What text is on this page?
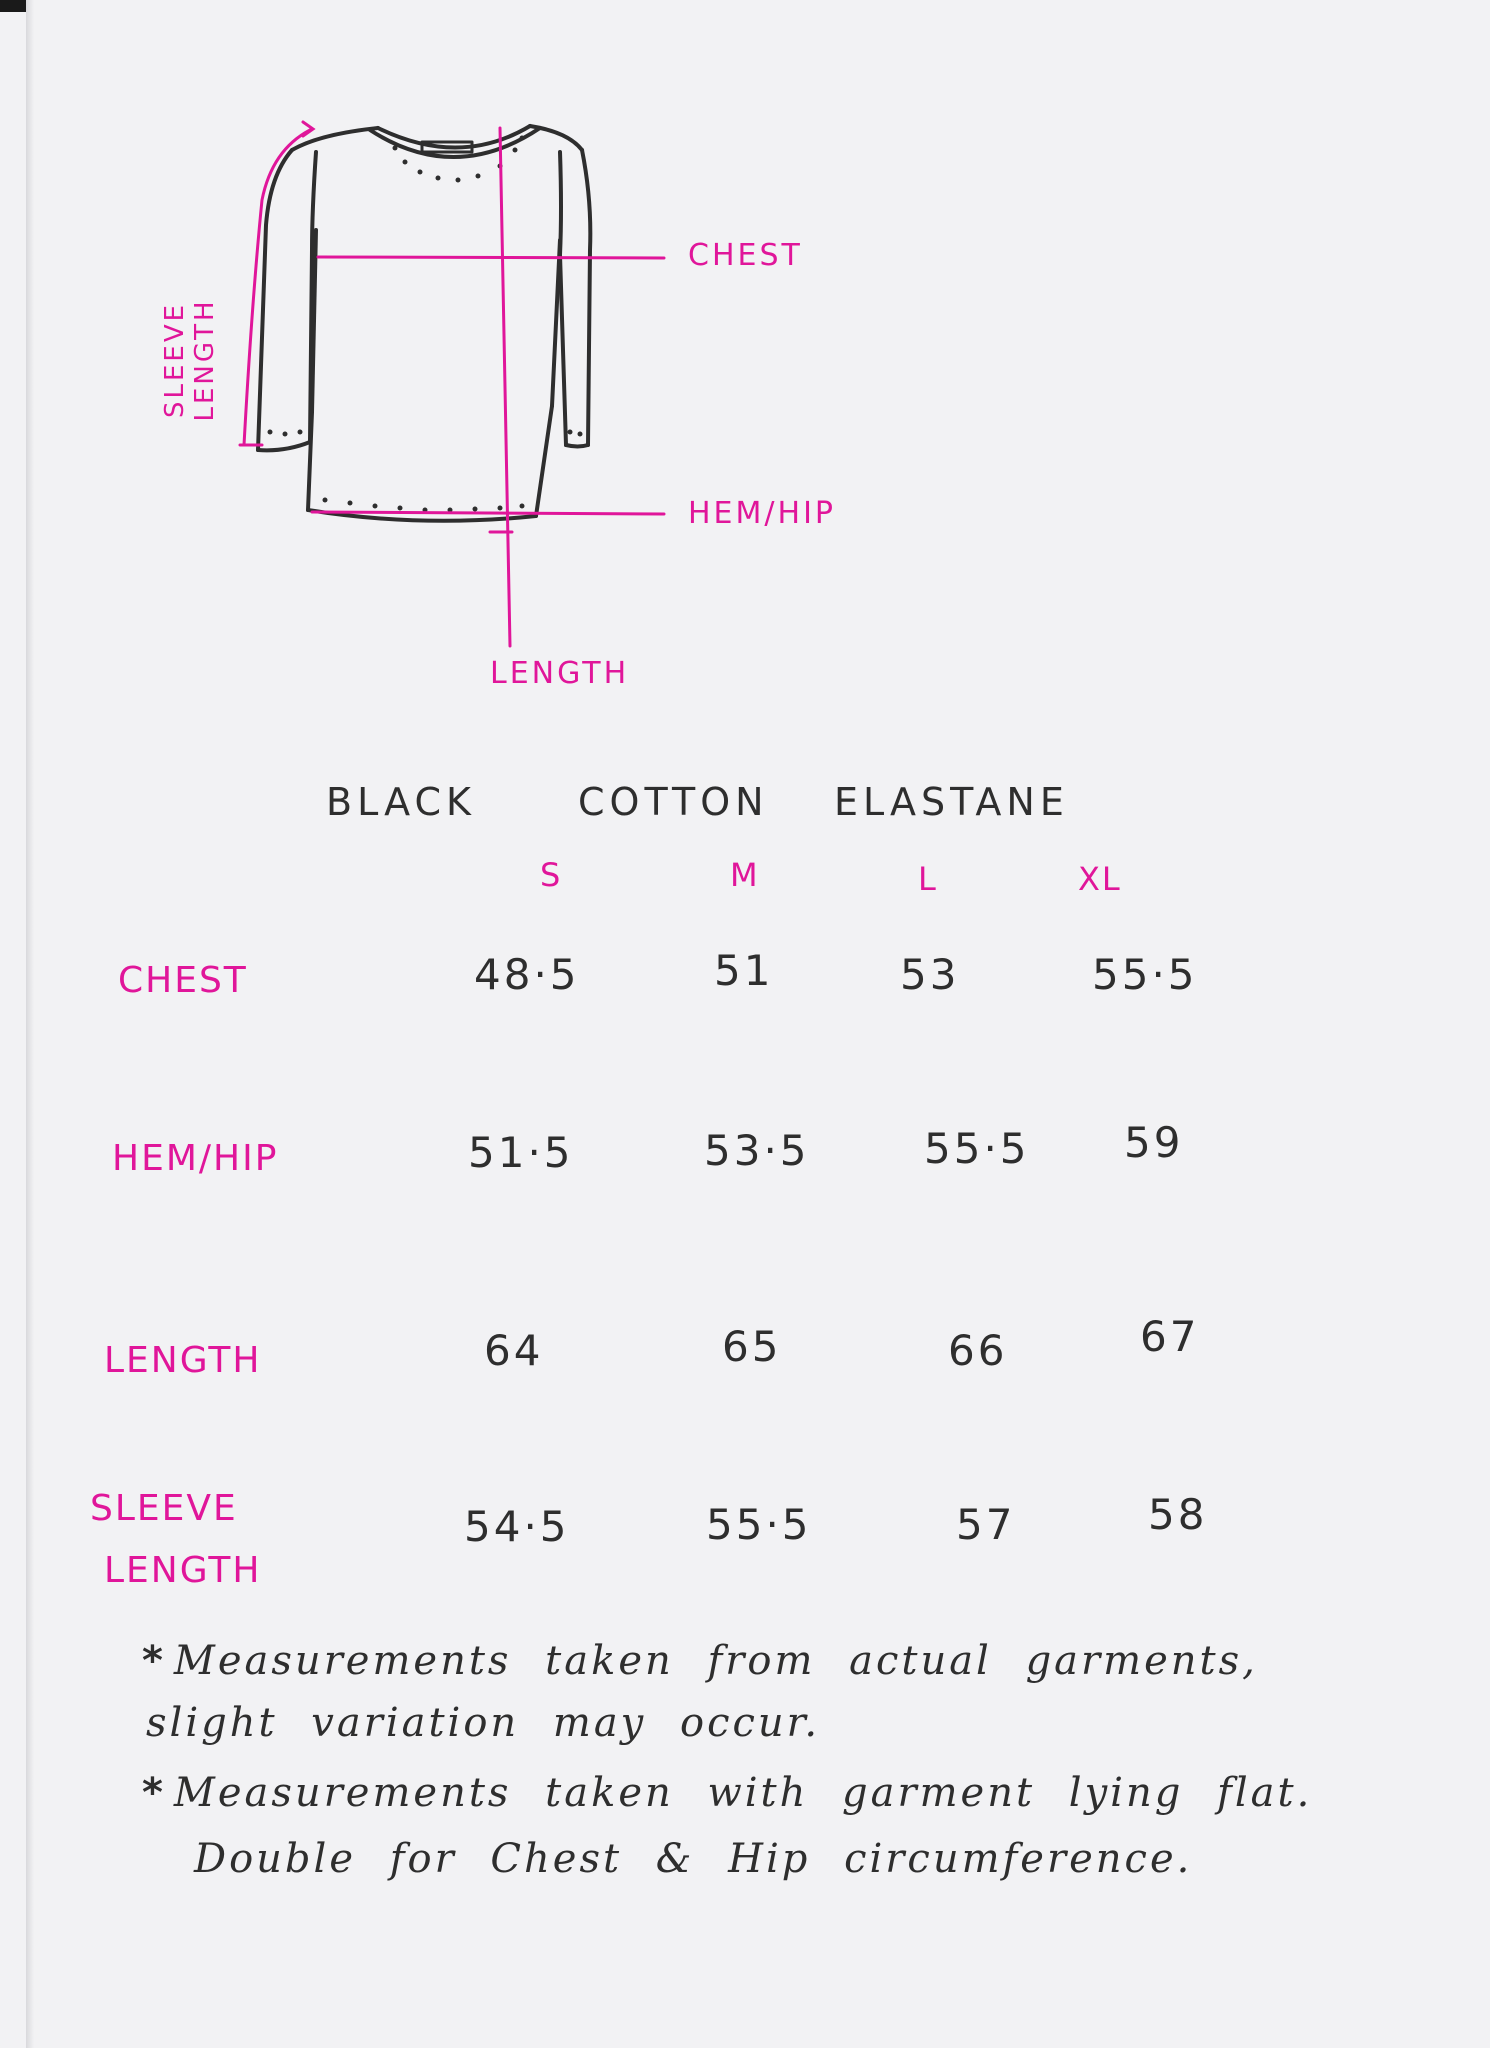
CHEST
HEM/HIP
LENGTH
SLEEVE LENGTH
BLACK	COTTON ELASTANE
S	M	L	XL
CHEST	48·5	51	53	55·5
HEM/HIP	51·5	53·5	55·5 59
LENGTH	64	65	66	67
SLEEVE
LENGTH
54·5	55·5	57	58
* Measurements taken from actual garments,
slight variation may occur.
* Measurements taken with garment lying flat.
Double for Chest & Hip circumference.
